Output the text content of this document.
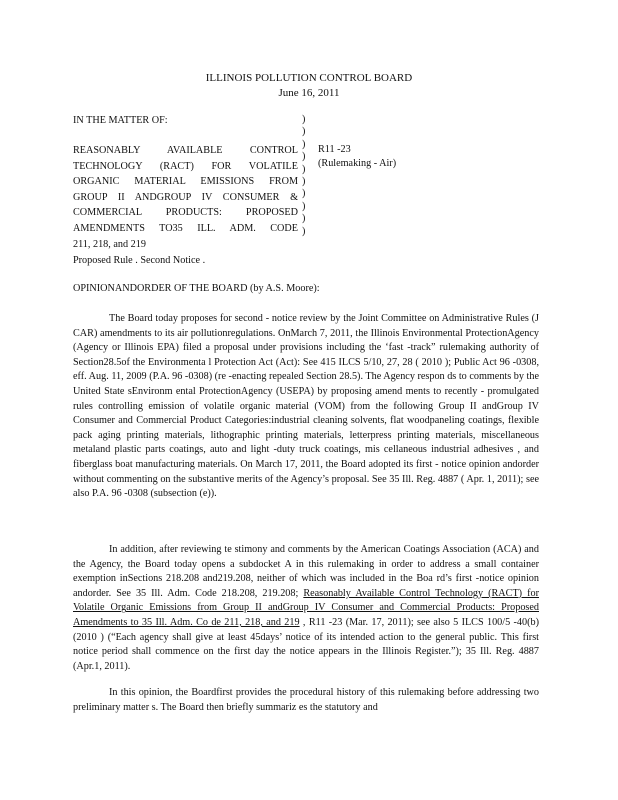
ILLINOIS POLLUTION CONTROL BOARD
June 16, 2011
IN THE MATTER OF:
REASONABLY AVAILABLE CONTROL
TECHNOLOGY (RACT) FOR VOLATILE
ORGANIC MATERIAL EMISSIONS FROM
GROUP II ANDGROUP IV CONSUMER &
COMMERCIAL PRODUCTS: PROPOSED
AMENDMENTS TO35 ILL. ADM. CODE
211, 218, and 219
)
)
)
)
)
)
)
)
)
)
R11 -23
(Rulemaking - Air)
Proposed Rule . Second Notice .
OPINIONANDORDER OF THE BOARD (by A.S. Moore):
The Board today proposes for second - notice review by the Joint Committee on Administrative Rules (J CAR) amendments to its air pollutionregulations. OnMarch 7, 2011, the Illinois Environmental ProtectionAgency (Agency or Illinois EPA) filed a proposal under provisions including the ‘fast -track” rulemaking authority of Section28.5of the Environmenta l Protection Act (Act): See 415 ILCS 5/10, 27, 28 ( 2010 ); Public Act 96 -0308, eff. Aug. 11, 2009 (P.A. 96 -0308) (re -enacting repealed Section 28.5). The Agency respon ds to comments by the United State sEnvironm ental ProtectionAgency (USEPA) by proposing amend ments to recently - promulgated rules controlling emission of volatile organic material (VOM) from the following Group II andGroup IV Consumer and Commercial Product Categories:industrial cleaning solvents, flat woodpaneling coatings, flexible pack aging printing materials, lithographic printing materials, letterpress printing materials, miscellaneous metaland plastic parts coatings, auto and light -duty truck coatings, mis cellaneous industrial adhesives , and fiberglass boat manufacturing materials. On March 17, 2011, the Board adopted its first - notice opinion andorder without commenting on the substantive merits of the Agency’s proposal. See 35 Ill. Reg. 4887 ( Apr. 1, 2011); see also P.A. 96 -0308 (subsection (e)).
In addition, after reviewing te stimony and comments by the American Coatings Association (ACA) and the Agency, the Board today opens a subdocket A in this rulemaking in order to address a small container exemption inSections 218.208 and219.208, neither of which was included in the Boa rd’s first -notice opinion andorder. See 35 Ill. Adm. Code 218.208, 219.208; Reasonably Available Control Technology (RACT) for Volatile Organic Emissions from Group II andGroup IV Consumer and Commercial Products: Proposed Amendments to 35 Ill. Adm. Co de 211, 218, and 219 , R11 -23 (Mar. 17, 2011); see also 5 ILCS 100/5 -40(b) (2010 ) (“Each agency shall give at least 45days’ notice of its intended action to the general public. This first notice period shall commence on the first day the notice appears in the Illinois Register.”); 35 Ill. Reg. 4887 (Apr.1, 2011).
In this opinion, the Boardfirst provides the procedural history of this rulemaking before addressing two preliminary matter s. The Board then briefly summariz es the statutory and
